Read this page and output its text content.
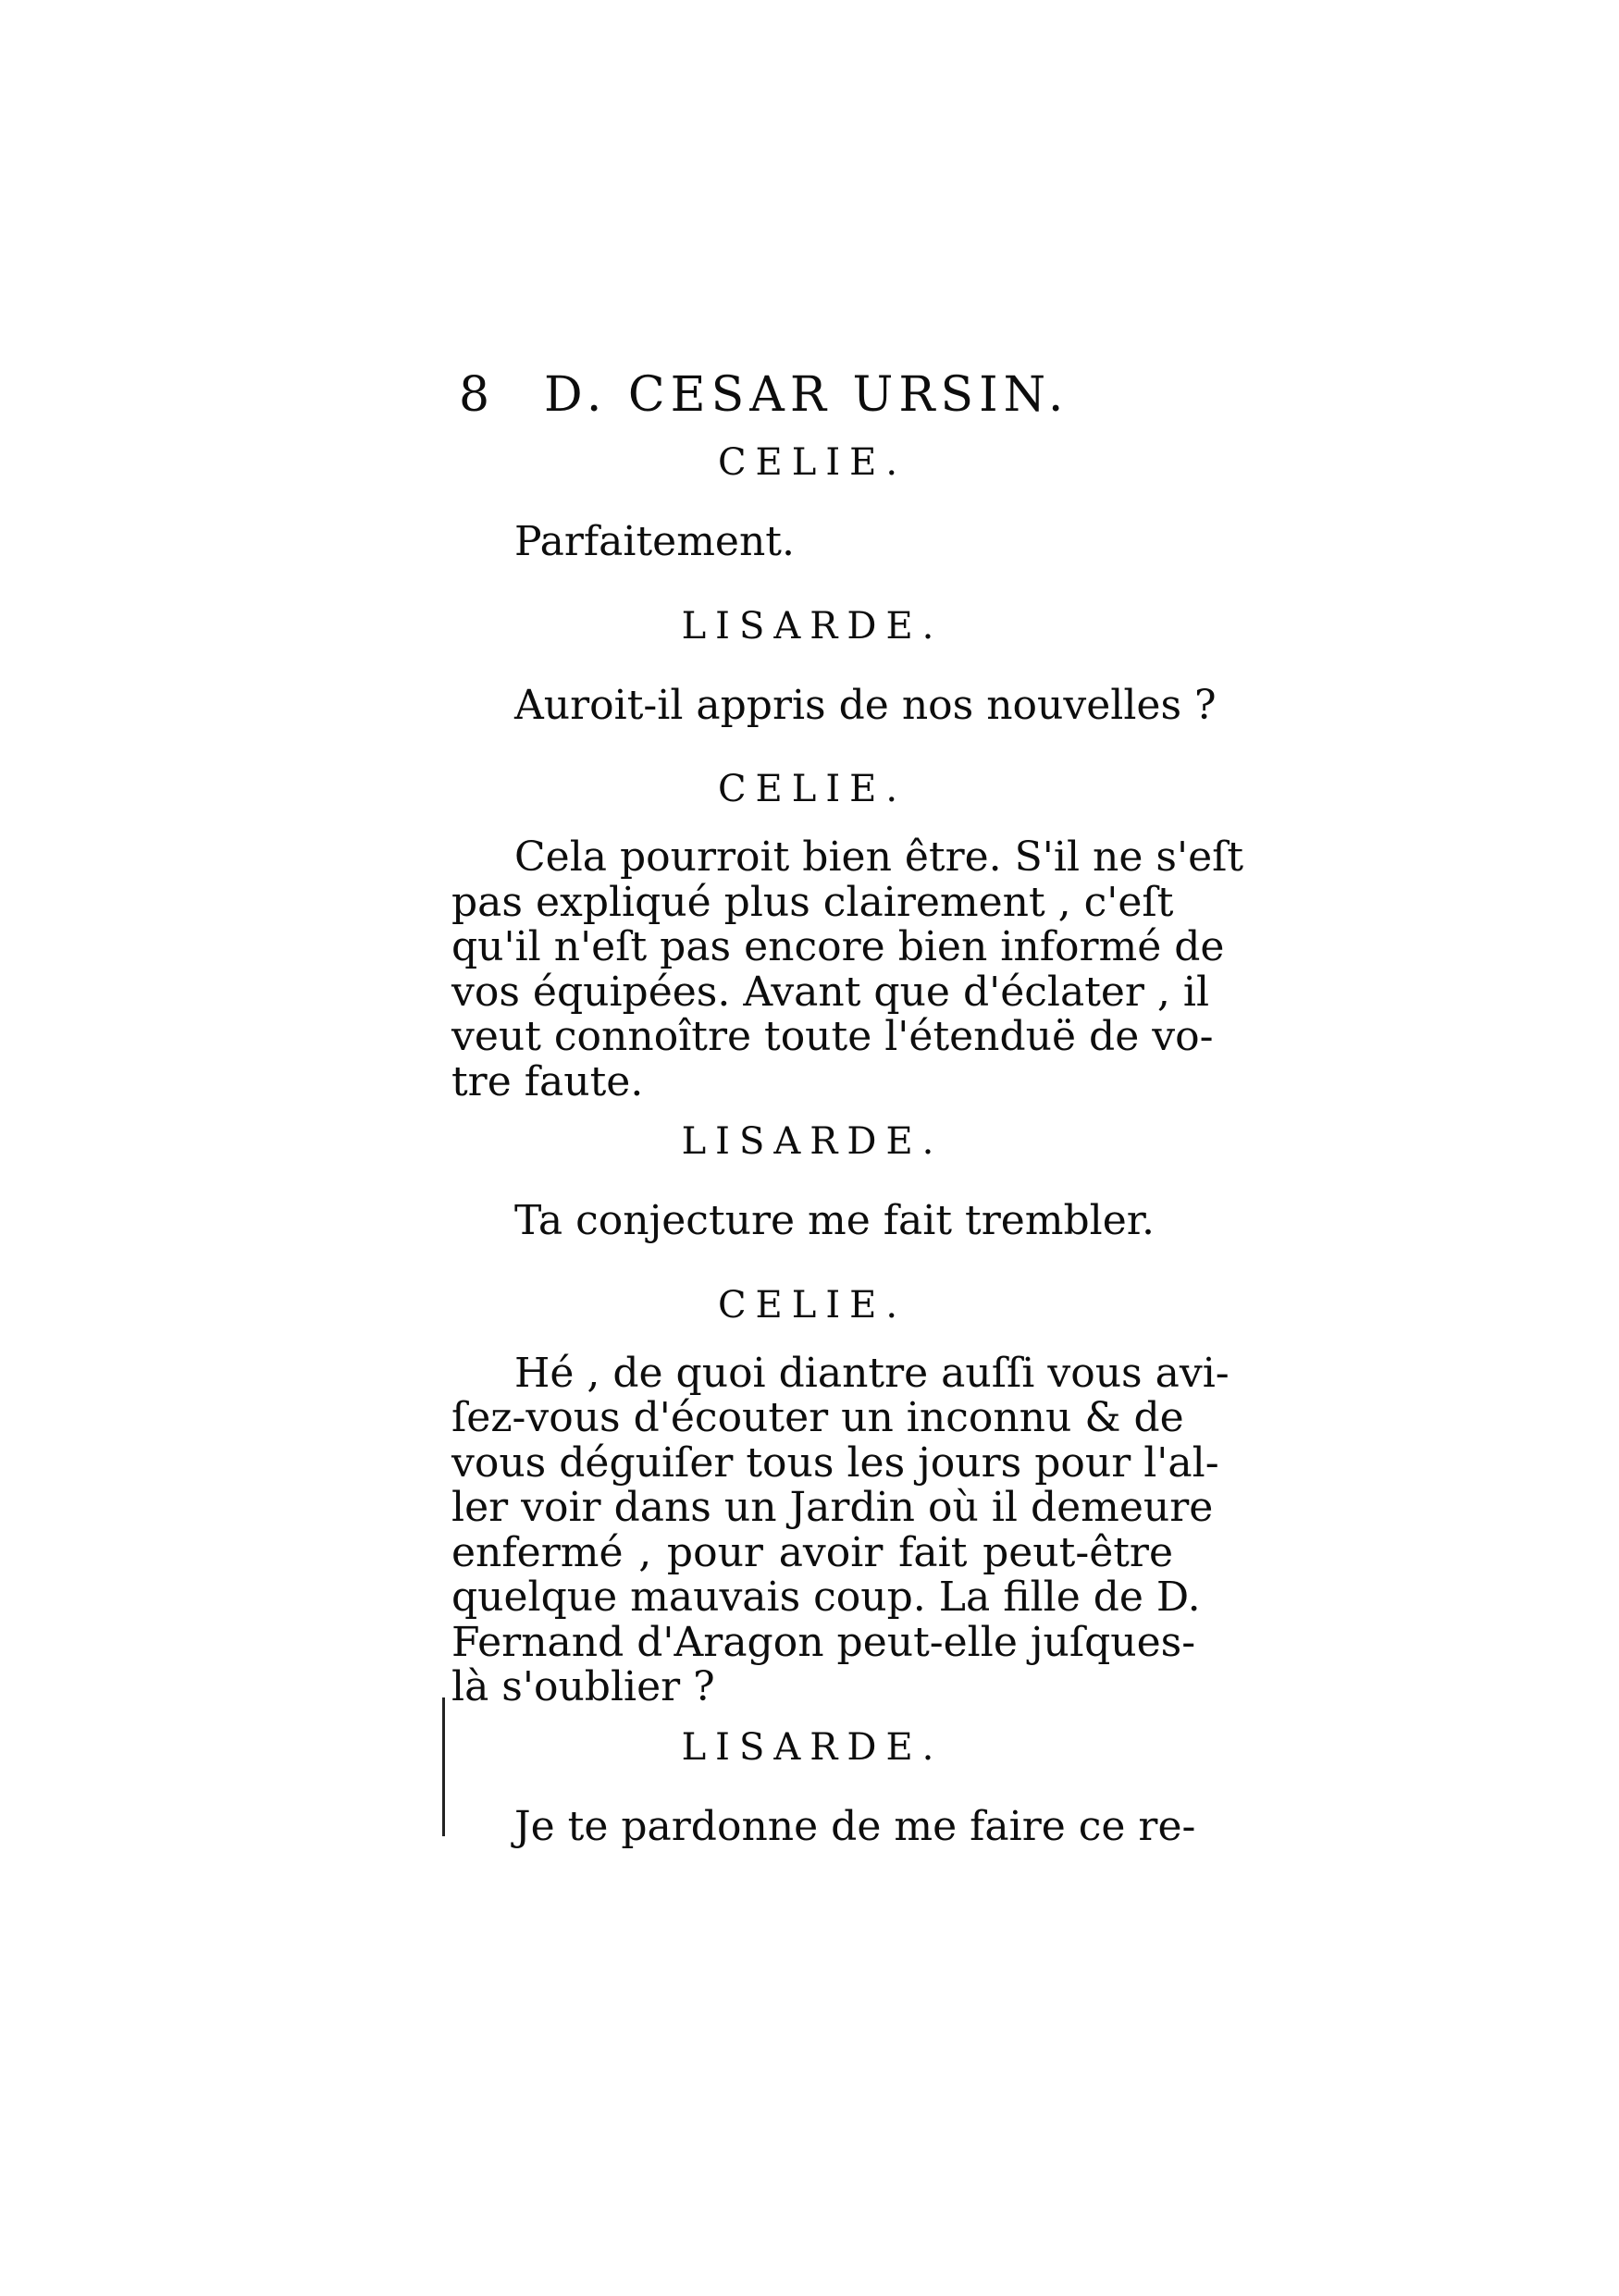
8 D. CESAR URSIN.

CELIE.

Parfaitement.

LISARDE.

Auroit-il appris de nos nouvelles ?

CELIE.

Cela pourroit bien être. S'il ne s'eſt
pas expliqué plus clairement , c'eſt
qu'il n'eſt pas encore bien informé de
vos équipées. Avant que d'éclater , il
veut connoître toute l'étenduë de vo-
tre faute.

LISARDE.

Ta conjecture me fait trembler.

CELIE.

Hé , de quoi diantre auſſi vous avi-
ſez-vous d'écouter un inconnu & de
vous déguiſer tous les jours pour l'al-
ler voir dans un Jardin où il demeure
enfermé , pour avoir fait peut-être
quelque mauvais coup. La fille de D.
Fernand d'Aragon peut-elle juſques-
là s'oublier ?

LISARDE.

Je te pardonne de me faire ce re-
